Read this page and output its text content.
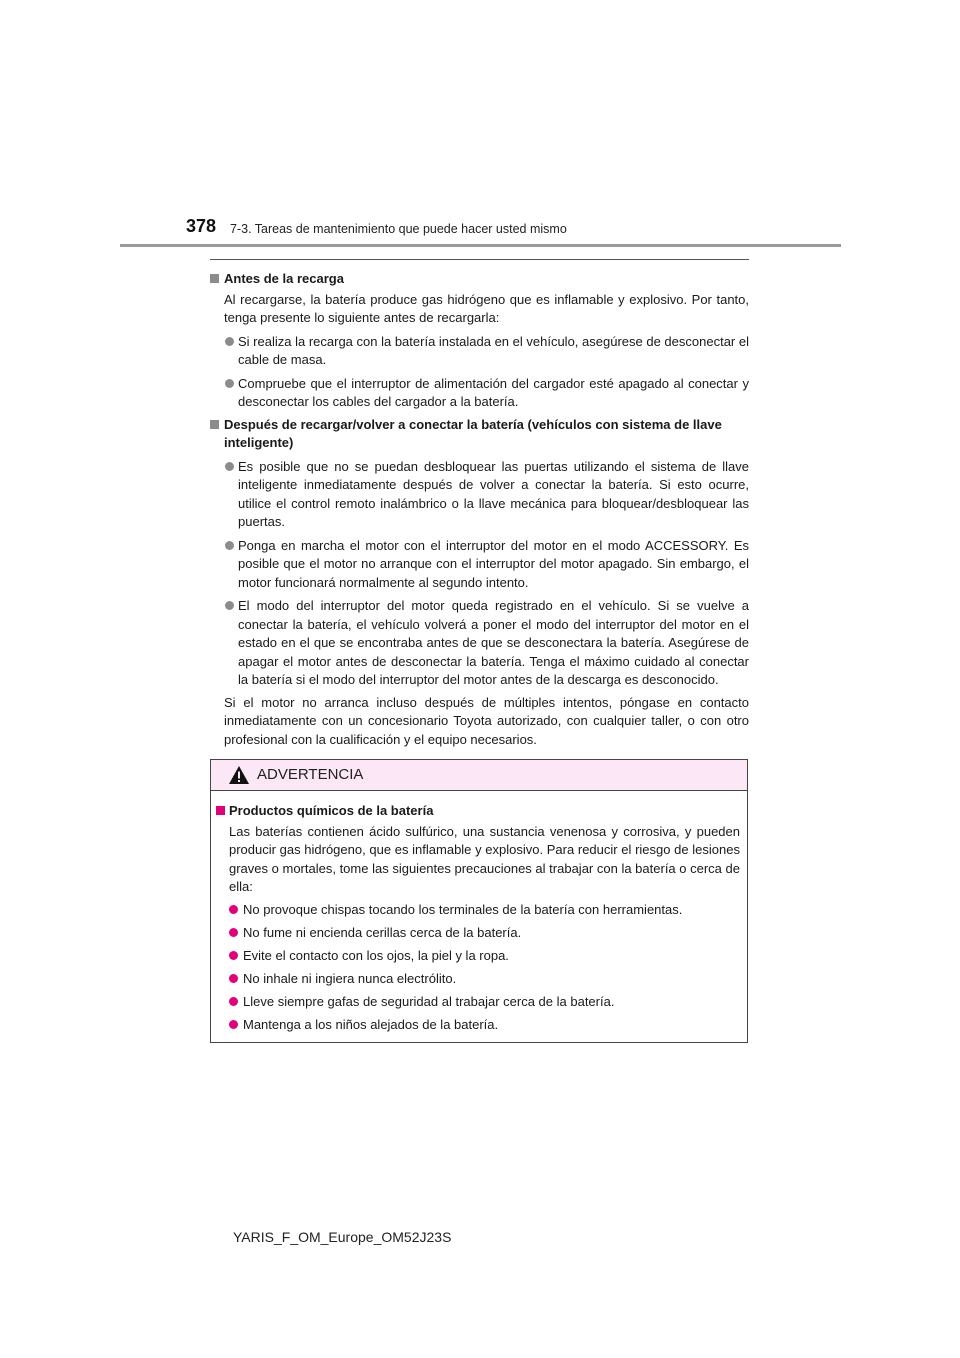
378 7-3. Tareas de mantenimiento que puede hacer usted mismo
Antes de la recarga
Al recargarse, la batería produce gas hidrógeno que es inflamable y explosivo. Por tanto, tenga presente lo siguiente antes de recargarla:
Si realiza la recarga con la batería instalada en el vehículo, asegúrese de desconectar el cable de masa.
Compruebe que el interruptor de alimentación del cargador esté apagado al conectar y desconectar los cables del cargador a la batería.
Después de recargar/volver a conectar la batería (vehículos con sistema de llave inteligente)
Es posible que no se puedan desbloquear las puertas utilizando el sistema de llave inteligente inmediatamente después de volver a conectar la batería. Si esto ocurre, utilice el control remoto inalámbrico o la llave mecánica para bloquear/desbloquear las puertas.
Ponga en marcha el motor con el interruptor del motor en el modo ACCESSORY. Es posible que el motor no arranque con el interruptor del motor apagado. Sin embargo, el motor funcionará normalmente al segundo intento.
El modo del interruptor del motor queda registrado en el vehículo. Si se vuelve a conectar la batería, el vehículo volverá a poner el modo del interruptor del motor en el estado en el que se encontraba antes de que se desconectara la batería. Asegúrese de apagar el motor antes de desconectar la batería. Tenga el máximo cuidado al conectar la batería si el modo del interruptor del motor antes de la descarga es desconocido.
Si el motor no arranca incluso después de múltiples intentos, póngase en contacto inmediatamente con un concesionario Toyota autorizado, con cualquier taller, o con otro profesional con la cualificación y el equipo necesarios.
ADVERTENCIA
Productos químicos de la batería
Las baterías contienen ácido sulfúrico, una sustancia venenosa y corrosiva, y pueden producir gas hidrógeno, que es inflamable y explosivo. Para reducir el riesgo de lesiones graves o mortales, tome las siguientes precauciones al trabajar con la batería o cerca de ella:
No provoque chispas tocando los terminales de la batería con herramientas.
No fume ni encienda cerillas cerca de la batería.
Evite el contacto con los ojos, la piel y la ropa.
No inhale ni ingiera nunca electrólito.
Lleve siempre gafas de seguridad al trabajar cerca de la batería.
Mantenga a los niños alejados de la batería.
YARIS_F_OM_Europe_OM52J23S
